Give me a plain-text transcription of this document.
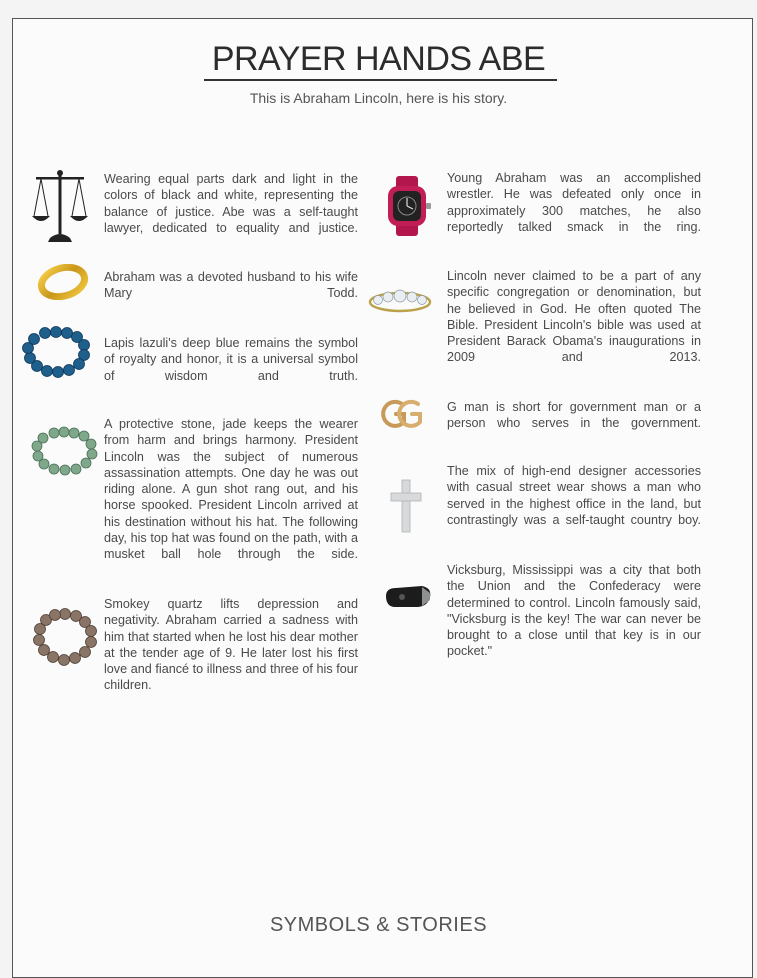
PRAYER HANDS ABE
This is Abraham Lincoln, here is his story.
Wearing equal parts dark and light in the colors of black and white, representing the balance of justice. Abe was a self-taught lawyer, dedicated to equality and justice.
Abraham was a devoted husband to his wife Mary Todd.
Lapis lazuli's deep blue remains the symbol of royalty and honor, it is a universal symbol of wisdom and truth.
A protective stone, jade keeps the wearer from harm and brings harmony. President Lincoln was the subject of numerous assassination attempts. One day he was out riding alone. A gun shot rang out, and his horse spooked. President Lincoln arrived at his destination without his hat. The following day, his top hat was found on the path, with a musket ball hole through the side.
Smokey quartz lifts depression and negativity. Abraham carried a sadness with him that started when he lost his dear mother at the tender age of 9. He later lost his first love and fiancé to illness and three of his four children.
Young Abraham was an accomplished wrestler. He was defeated only once in approximately 300 matches, he also reportedly talked smack in the ring.
Lincoln never claimed to be a part of any specific congregation or denomination, but he believed in God. He often quoted The Bible. President Lincoln's bible was used at President Barack Obama's inaugurations in 2009 and 2013.
G man is short for government man or a person who serves in the government.
The mix of high-end designer accessories with casual street wear shows a man who served in the highest office in the land, but contrastingly was a self-taught country boy.
Vicksburg, Mississippi was a city that both the Union and the Confederacy were determined to control. Lincoln famously said, "Vicksburg is the key! The war can never be brought to a close until that key is in our pocket."
SYMBOLS & STORIES
